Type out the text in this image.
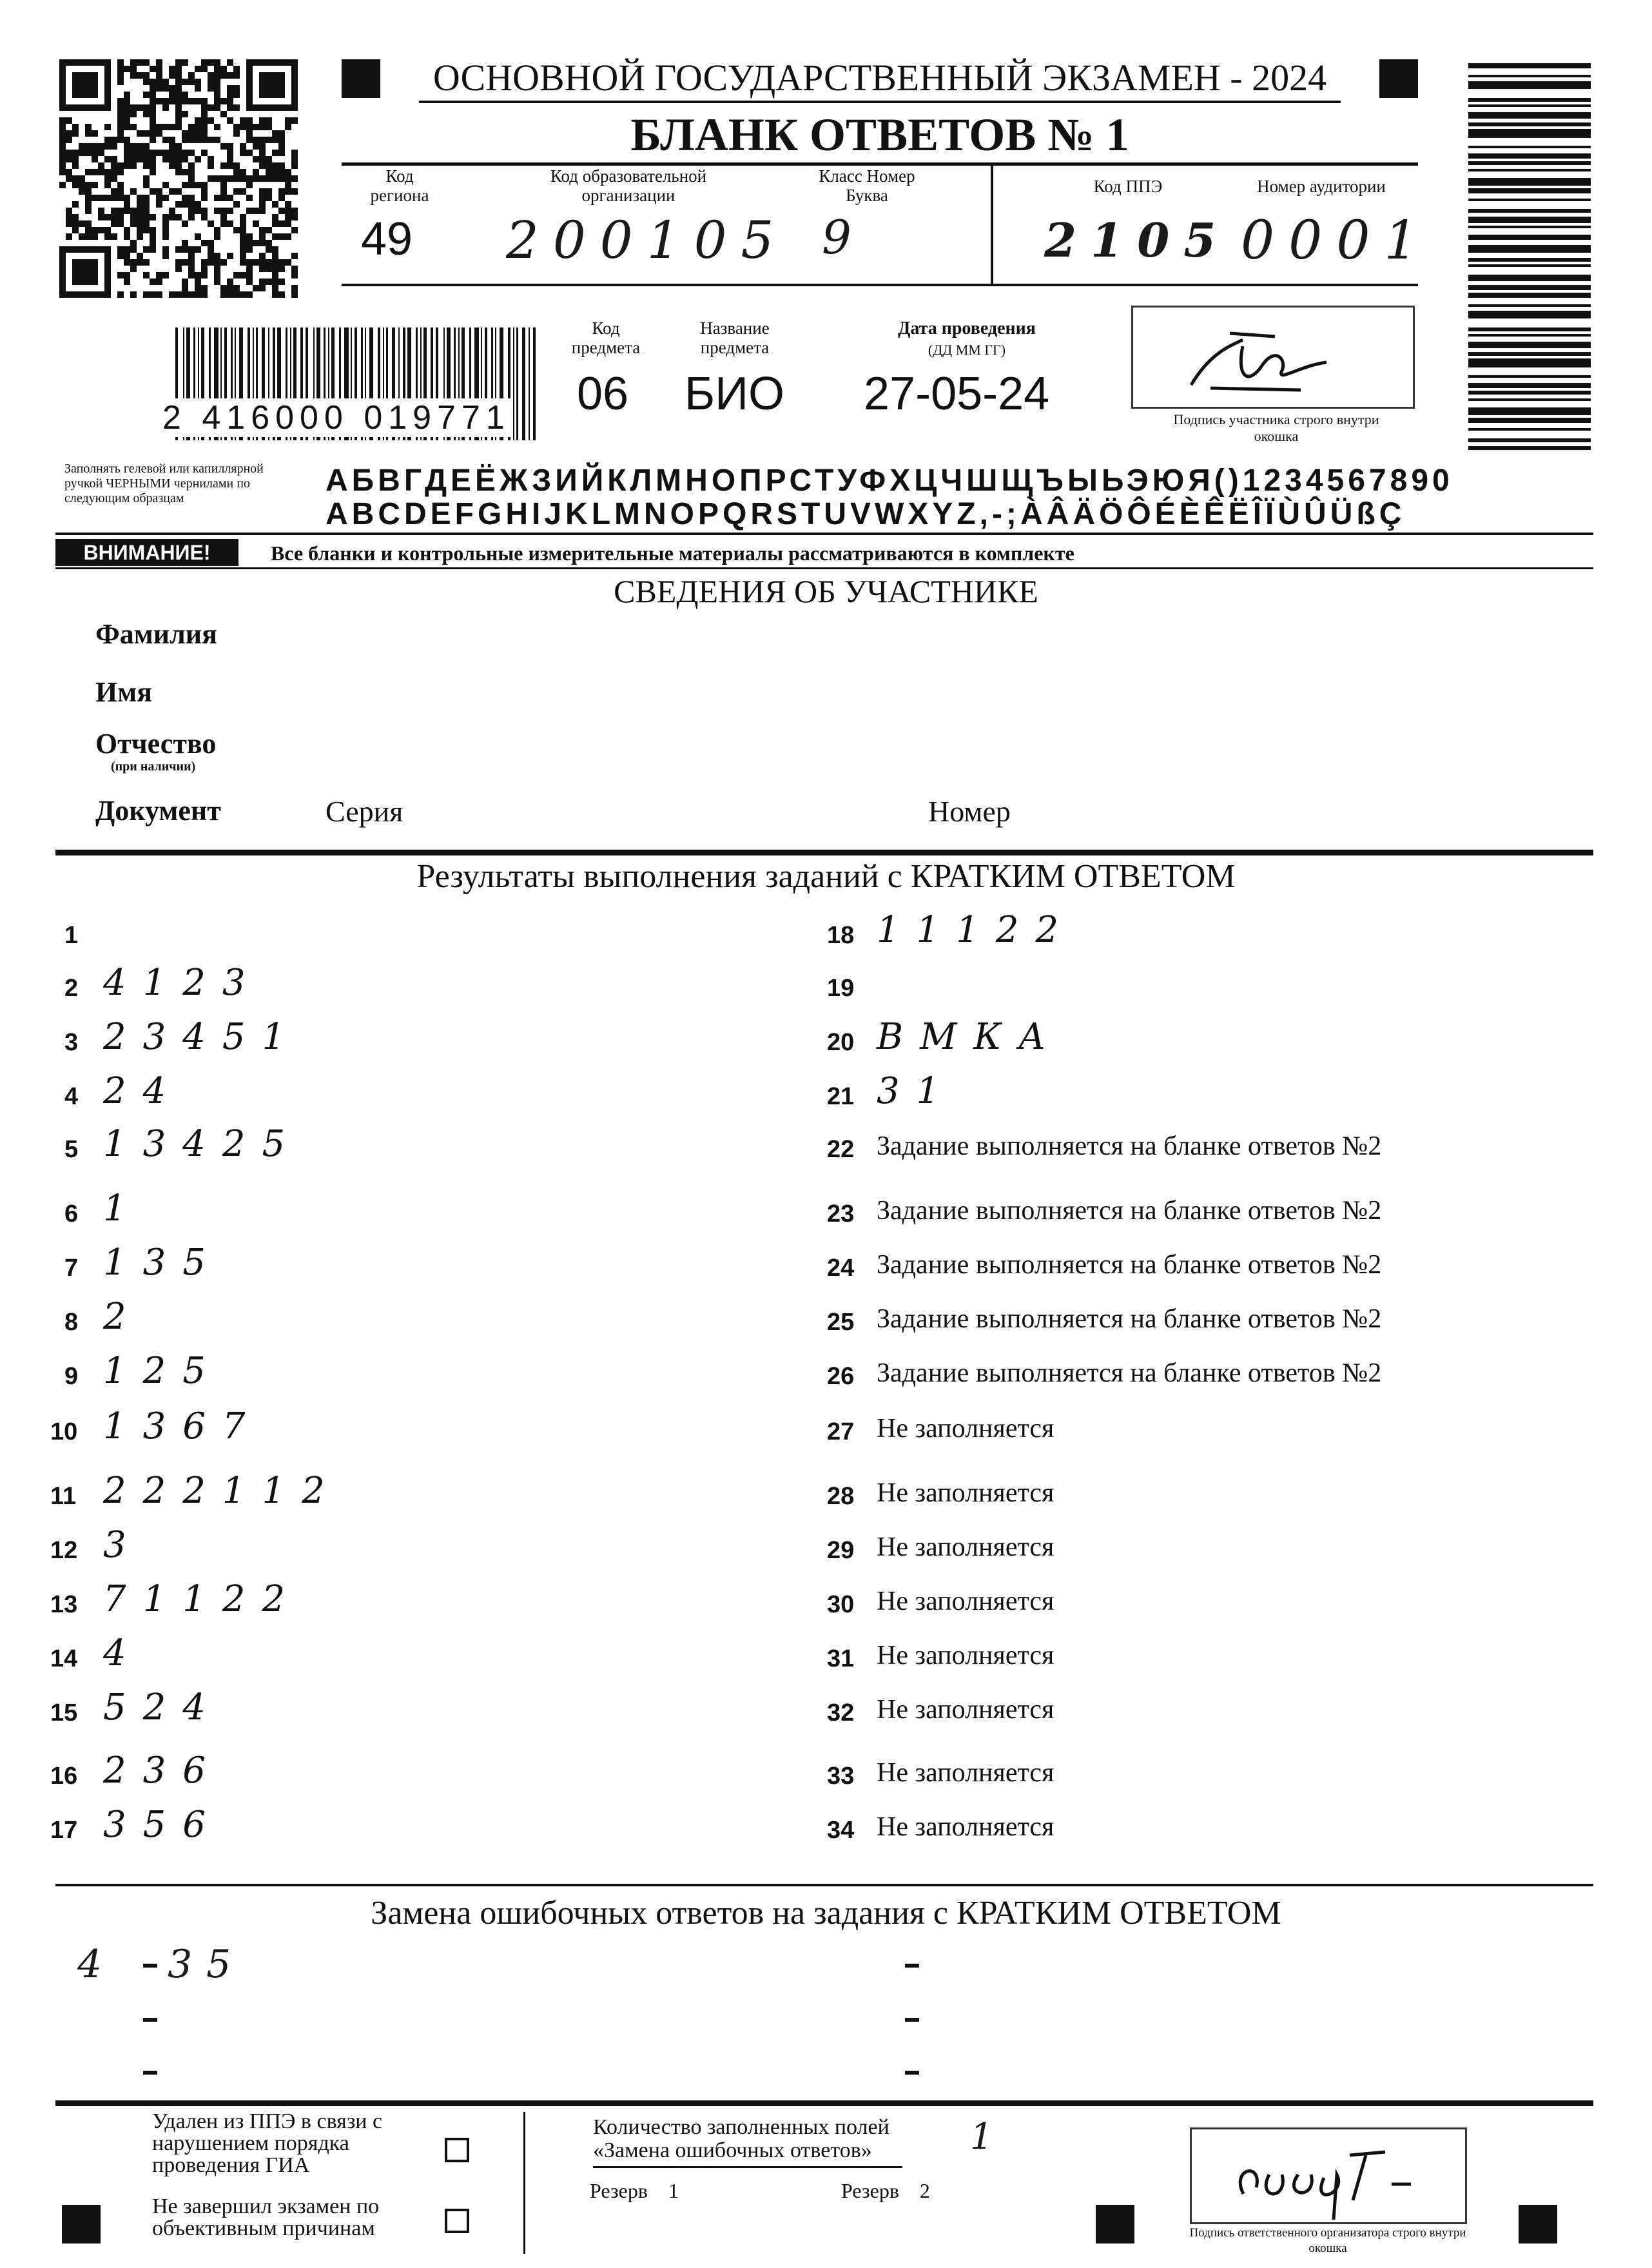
ОСНОВНОЙ ГОСУДАРСТВЕННЫЙ ЭКЗАМЕН - 2024
БЛАНК ОТВЕТОВ № 1
Код региона
49
Код образовательной организации
200105
Класс Номер Буква
9
Код ППЭ
2105
Номер аудитории
0001
2 416000 019771
Код предмета
06
Название предмета
БИО
Дата проведения
(ДД ММ ГГ)
27-05-24	Подпись участника строго внутри окошка
Заполнять гелевой или капиллярной ручкой ЧЕРНЫМИ чернилами по следующим образцам
АБВГДЕЁЖЗИЙКЛМНОПРСТУФХЦЧШЩЪЫЬЭЮЯ()1234567890
ABCDEFGHIJKLMNOPQRSTUVWXYZ,-;ÀÂÄÖÔÉÈÊËÎÏÙÛÜßÇ
ВНИМАНИЕ!	Все бланки и контрольные измерительные материалы рассматриваются в комплекте
СВЕДЕНИЯ ОБ УЧАСТНИКЕ
Фамилия
Имя
Отчество
(при наличии)
Документ	Серия	Номер
Результаты выполнения заданий с КРАТКИМ ОТВЕТОМ
1
2 4123
3 23451
4 24
5 13425
6 1
7 135
8 2
9 125
10 1367
11 222112
12 3
13 71122
14 4
15 524
16 236
17 356
18 11122
19
20 ВМКА
21 31
22 Задание выполняется на бланке ответов №2
23 Задание выполняется на бланке ответов №2
24 Задание выполняется на бланке ответов №2
25 Задание выполняется на бланке ответов №2
26 Задание выполняется на бланке ответов №2
27 Не заполняется
28 Не заполняется
29 Не заполняется
30 Не заполняется
31 Не заполняется
32 Не заполняется
33 Не заполняется
34 Не заполняется
Замена ошибочных ответов на задания с КРАТКИМ ОТВЕТОМ
4 35
Удален из ППЭ в связи с нарушением порядка проведения ГИА
Не завершил экзамен по объективным причинам
Количество заполненных полей «Замена ошибочных ответов»	1
Резерв 1	Резерв 2
Подпись ответственного организатора строго внутри окошка
